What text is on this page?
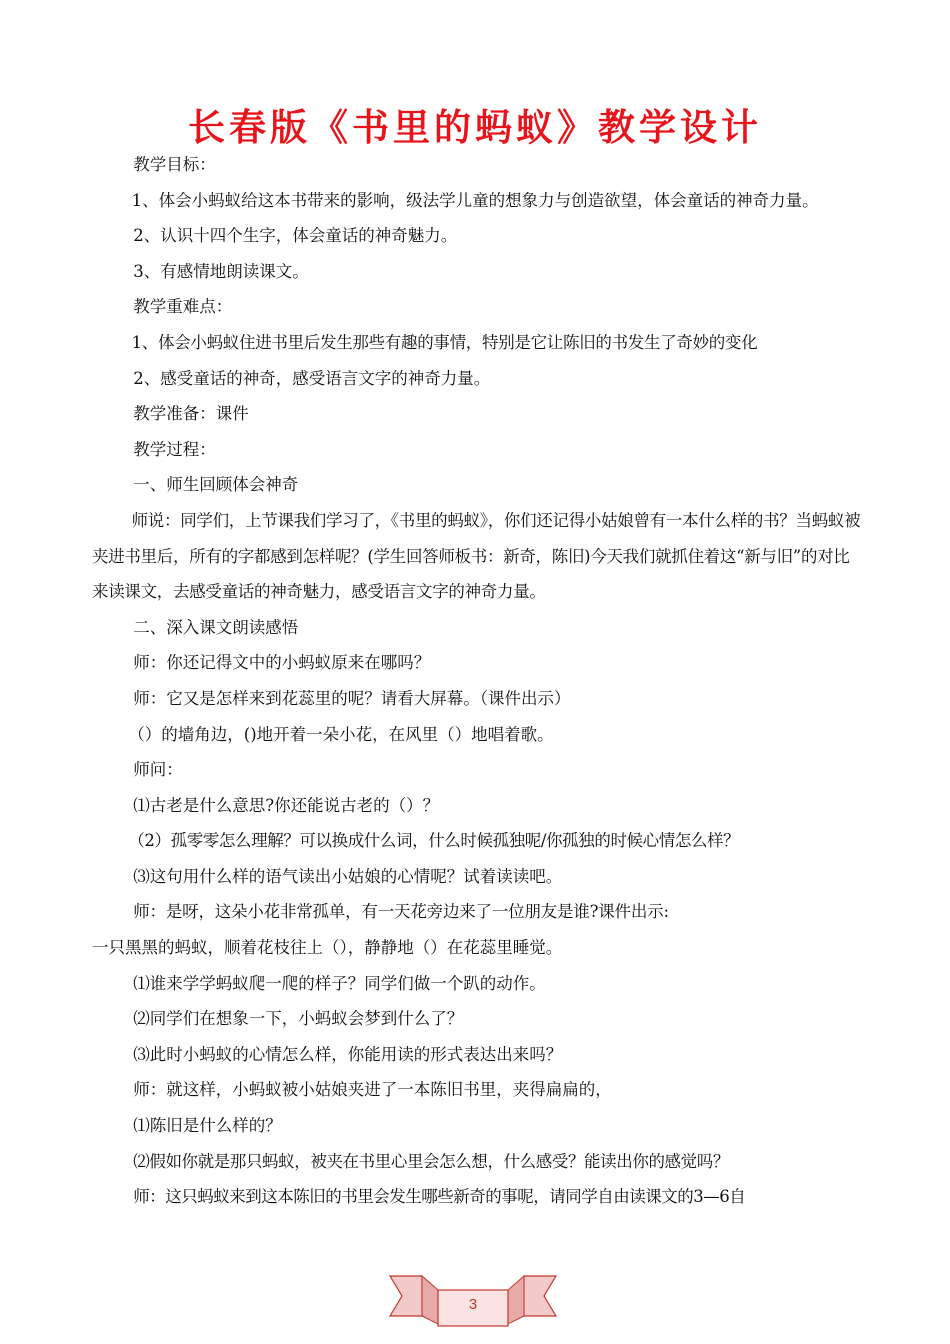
长春版《书里的蚂蚁》教学设计

教学目标：

1、体会小蚂蚁给这本书带来的影响，级法学儿童的想象力与创造欲望，体会童话的神奇力量。

2、认识十四个生字，体会童话的神奇魅力。

3、有感情地朗读课文。

教学重难点：

1、体会小蚂蚁住进书里后发生那些有趣的事情，特别是它让陈旧的书发生了奇妙的变化

2、感受童话的神奇，感受语言文字的神奇力量。

教学准备：课件

教学过程：

一、师生回顾体会神奇

师说：同学们，上节课我们学习了，《书里的蚂蚁》，你们还记得小姑娘曾有一本什么样的书？当蚂蚁被夹进书里后，所有的字都感到怎样呢？(学生回答师板书：新奇，陈旧)今天我们就抓住着这“新与旧”的对比来读课文，去感受童话的神奇魅力，感受语言文字的神奇力量。

二、深入课文朗读感悟

师：你还记得文中的小蚂蚁原来在哪吗？

师：它又是怎样来到花蕊里的呢？请看大屏幕。（课件出示）

（）的墙角边，()地开着一朵小花，在风里（）地唱着歌。

师问：

⑴古老是什么意思?你还能说古老的（）？

（2）孤零零怎么理解？可以换成什么词，什么时候孤独呢/你孤独的时候心情怎么样？

⑶这句用什么样的语气读出小姑娘的心情呢？试着读读吧。

师：是呀，这朵小花非常孤单，有一天花旁边来了一位朋友是谁?课件出示:

一只黑黑的蚂蚁，顺着花枝往上（），静静地（）在花蕊里睡觉。

⑴谁来学学蚂蚁爬一爬的样子？同学们做一个趴的动作。

⑵同学们在想象一下，小蚂蚁会梦到什么了？

⑶此时小蚂蚁的心情怎么样，你能用读的形式表达出来吗？

师：就这样，小蚂蚁被小姑娘夹进了一本陈旧书里，夹得扁扁的，

⑴陈旧是什么样的？

⑵假如你就是那只蚂蚁，被夹在书里心里会怎么想，什么感受？能读出你的感觉吗？

师：这只蚂蚁来到这本陈旧的书里会发生哪些新奇的事呢，请同学自由读课文的3—6自

3
